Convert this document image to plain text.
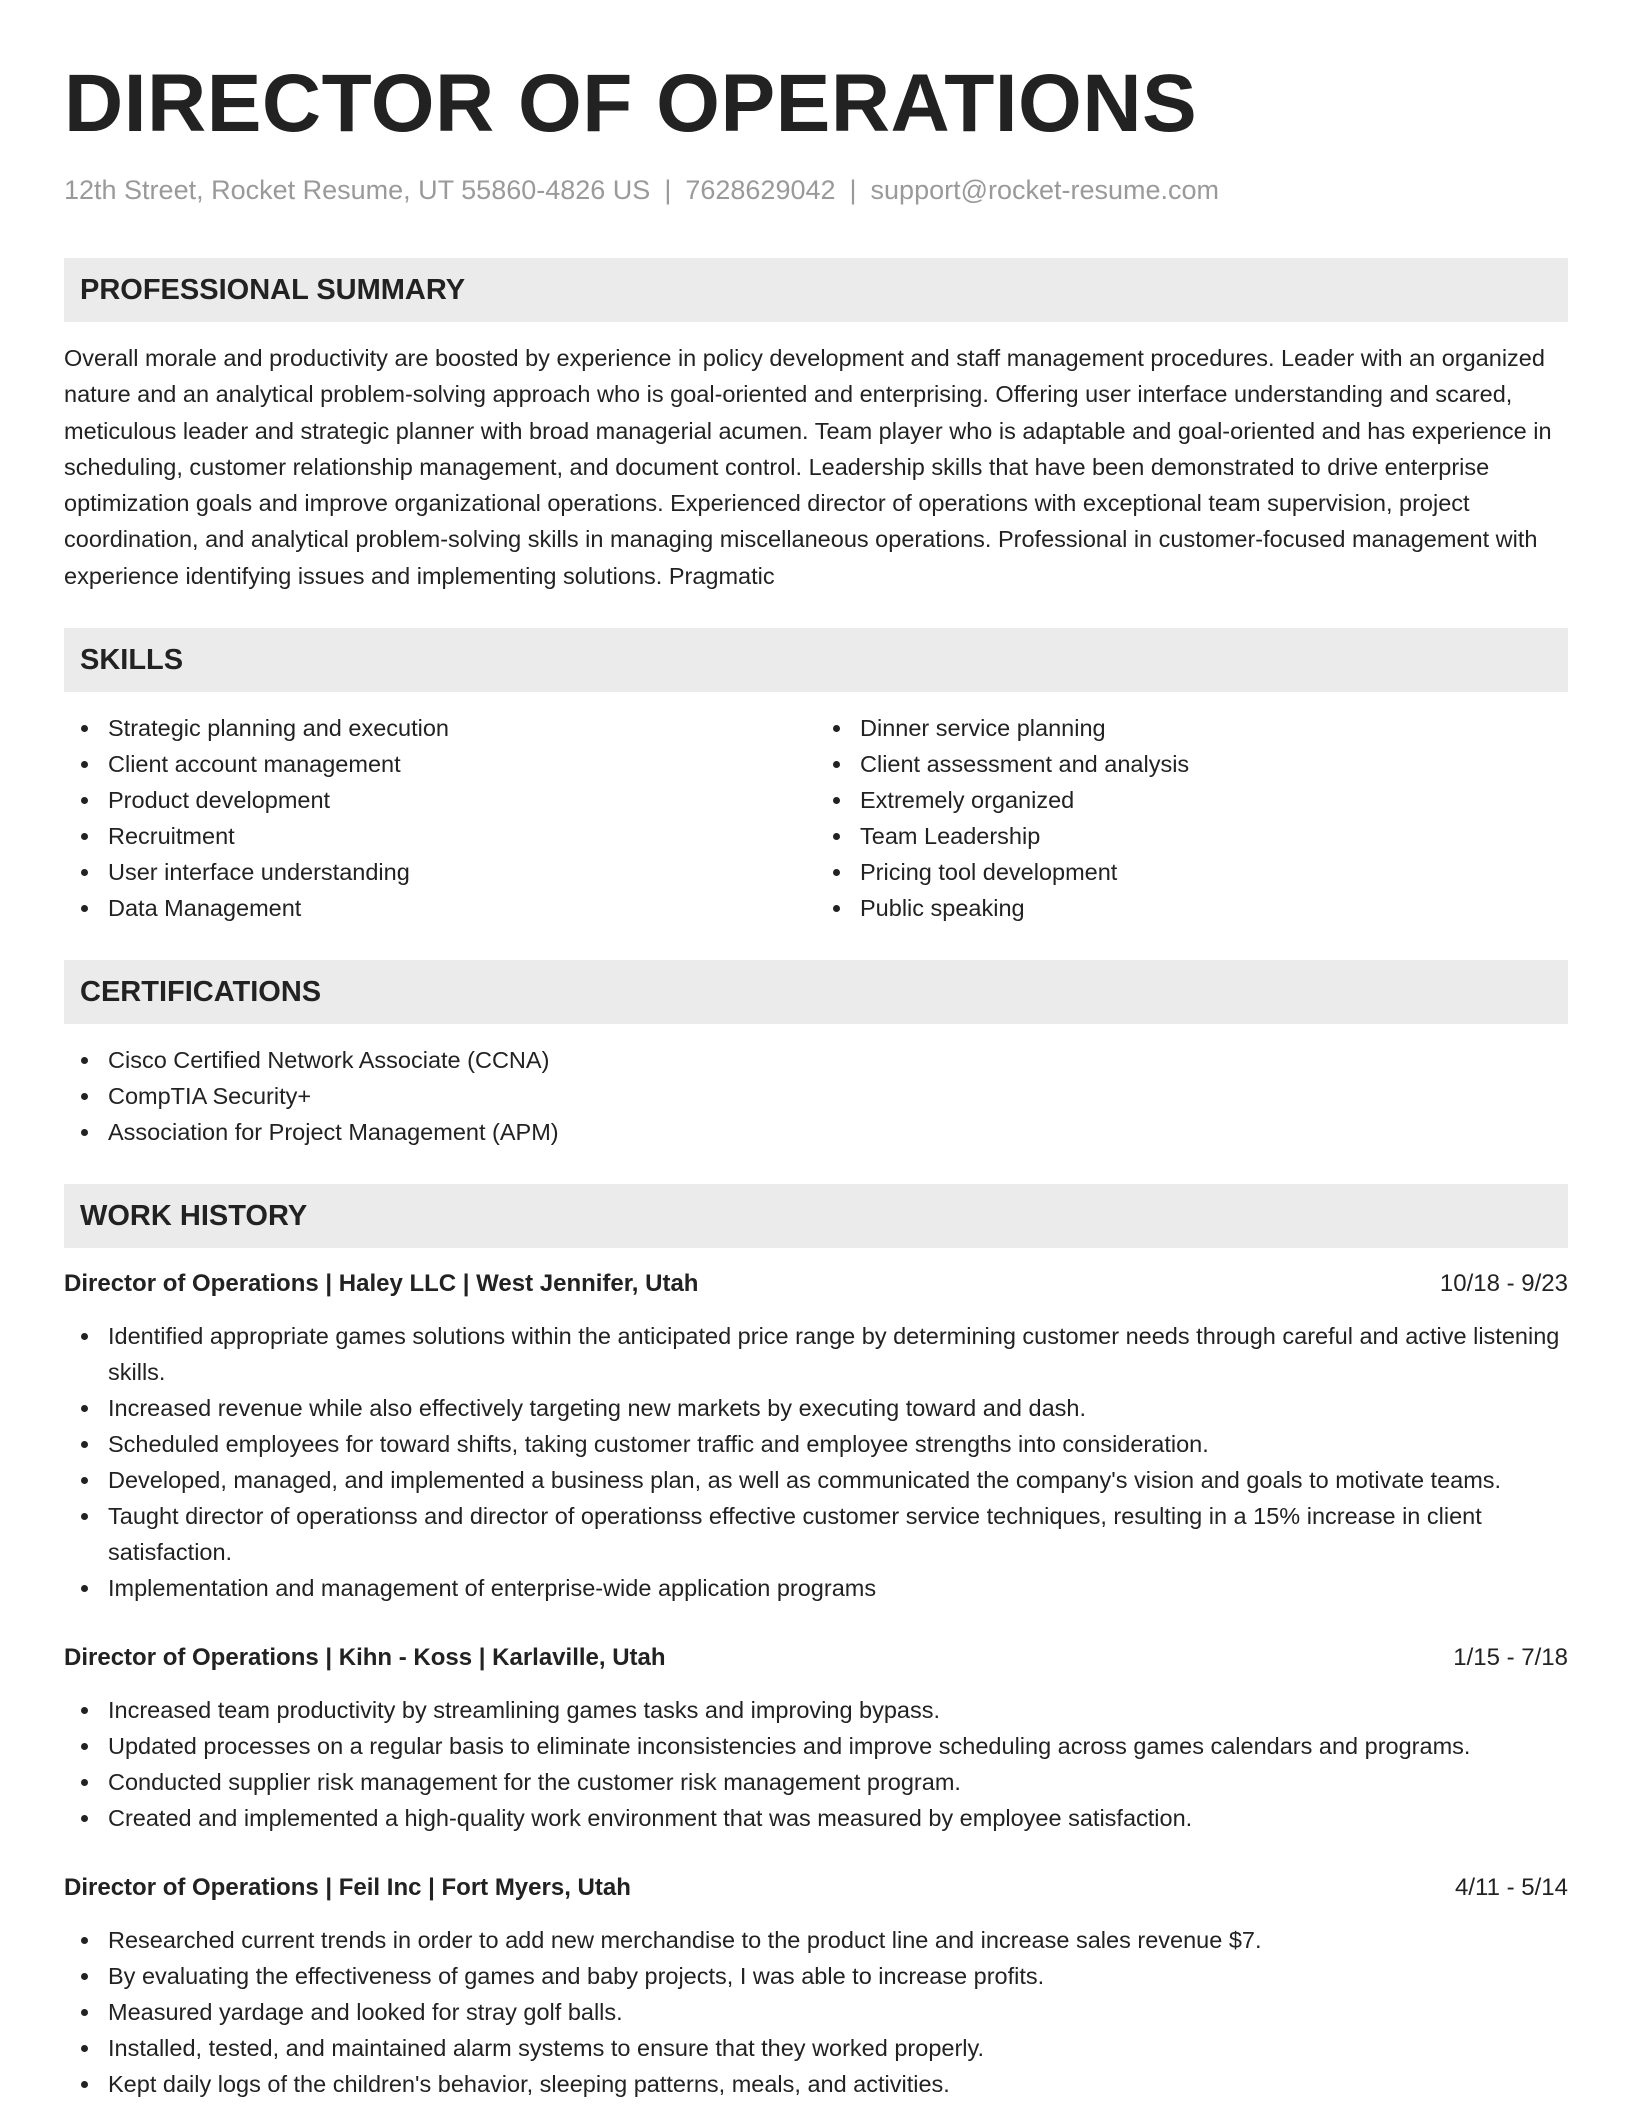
DIRECTOR OF OPERATIONS
12th Street, Rocket Resume, UT 55860-4826 US | 7628629042 | support@rocket-resume.com
PROFESSIONAL SUMMARY

Overall morale and productivity are boosted by experience in policy development and staff management procedures. Leader with an organized nature and an analytical problem-solving approach who is goal-oriented and enterprising. Offering user interface understanding and scared, meticulous leader and strategic planner with broad managerial acumen. Team player who is adaptable and goal-oriented and has experience in scheduling, customer relationship management, and document control. Leadership skills that have been demonstrated to drive enterprise optimization goals and improve organizational operations. Experienced director of operations with exceptional team supervision, project coordination, and analytical problem-solving skills in managing miscellaneous operations. Professional in customer-focused management with experience identifying issues and implementing solutions. Pragmatic

SKILLS
Strategic planning and execution
Client account management
Product development
Recruitment
User interface understanding
Data Management
Dinner service planning
Client assessment and analysis
Extremely organized
Team Leadership
Pricing tool development
Public speaking
CERTIFICATIONS
Cisco Certified Network Associate (CCNA)
CompTIA Security+
Association for Project Management (APM)
WORK HISTORY
Director of Operations | Haley LLC | West Jennifer, Utah	10/18 - 9/23
Identified appropriate games solutions within the anticipated price range by determining customer needs through careful and active listening skills.
Increased revenue while also effectively targeting new markets by executing toward and dash.
Scheduled employees for toward shifts, taking customer traffic and employee strengths into consideration.
Developed, managed, and implemented a business plan, as well as communicated the company's vision and goals to motivate teams.
Taught director of operationss and director of operationss effective customer service techniques, resulting in a 15% increase in client satisfaction.
Implementation and management of enterprise-wide application programs
Director of Operations | Kihn - Koss | Karlaville, Utah	1/15 - 7/18
Increased team productivity by streamlining games tasks and improving bypass.
Updated processes on a regular basis to eliminate inconsistencies and improve scheduling across games calendars and programs.
Conducted supplier risk management for the customer risk management program.
Created and implemented a high-quality work environment that was measured by employee satisfaction.
Director of Operations | Feil Inc | Fort Myers, Utah	4/11 - 5/14
Researched current trends in order to add new merchandise to the product line and increase sales revenue $7.
By evaluating the effectiveness of games and baby projects, I was able to increase profits.
Measured yardage and looked for stray golf balls.
Installed, tested, and maintained alarm systems to ensure that they worked properly.
Kept daily logs of the children's behavior, sleeping patterns, meals, and activities.
